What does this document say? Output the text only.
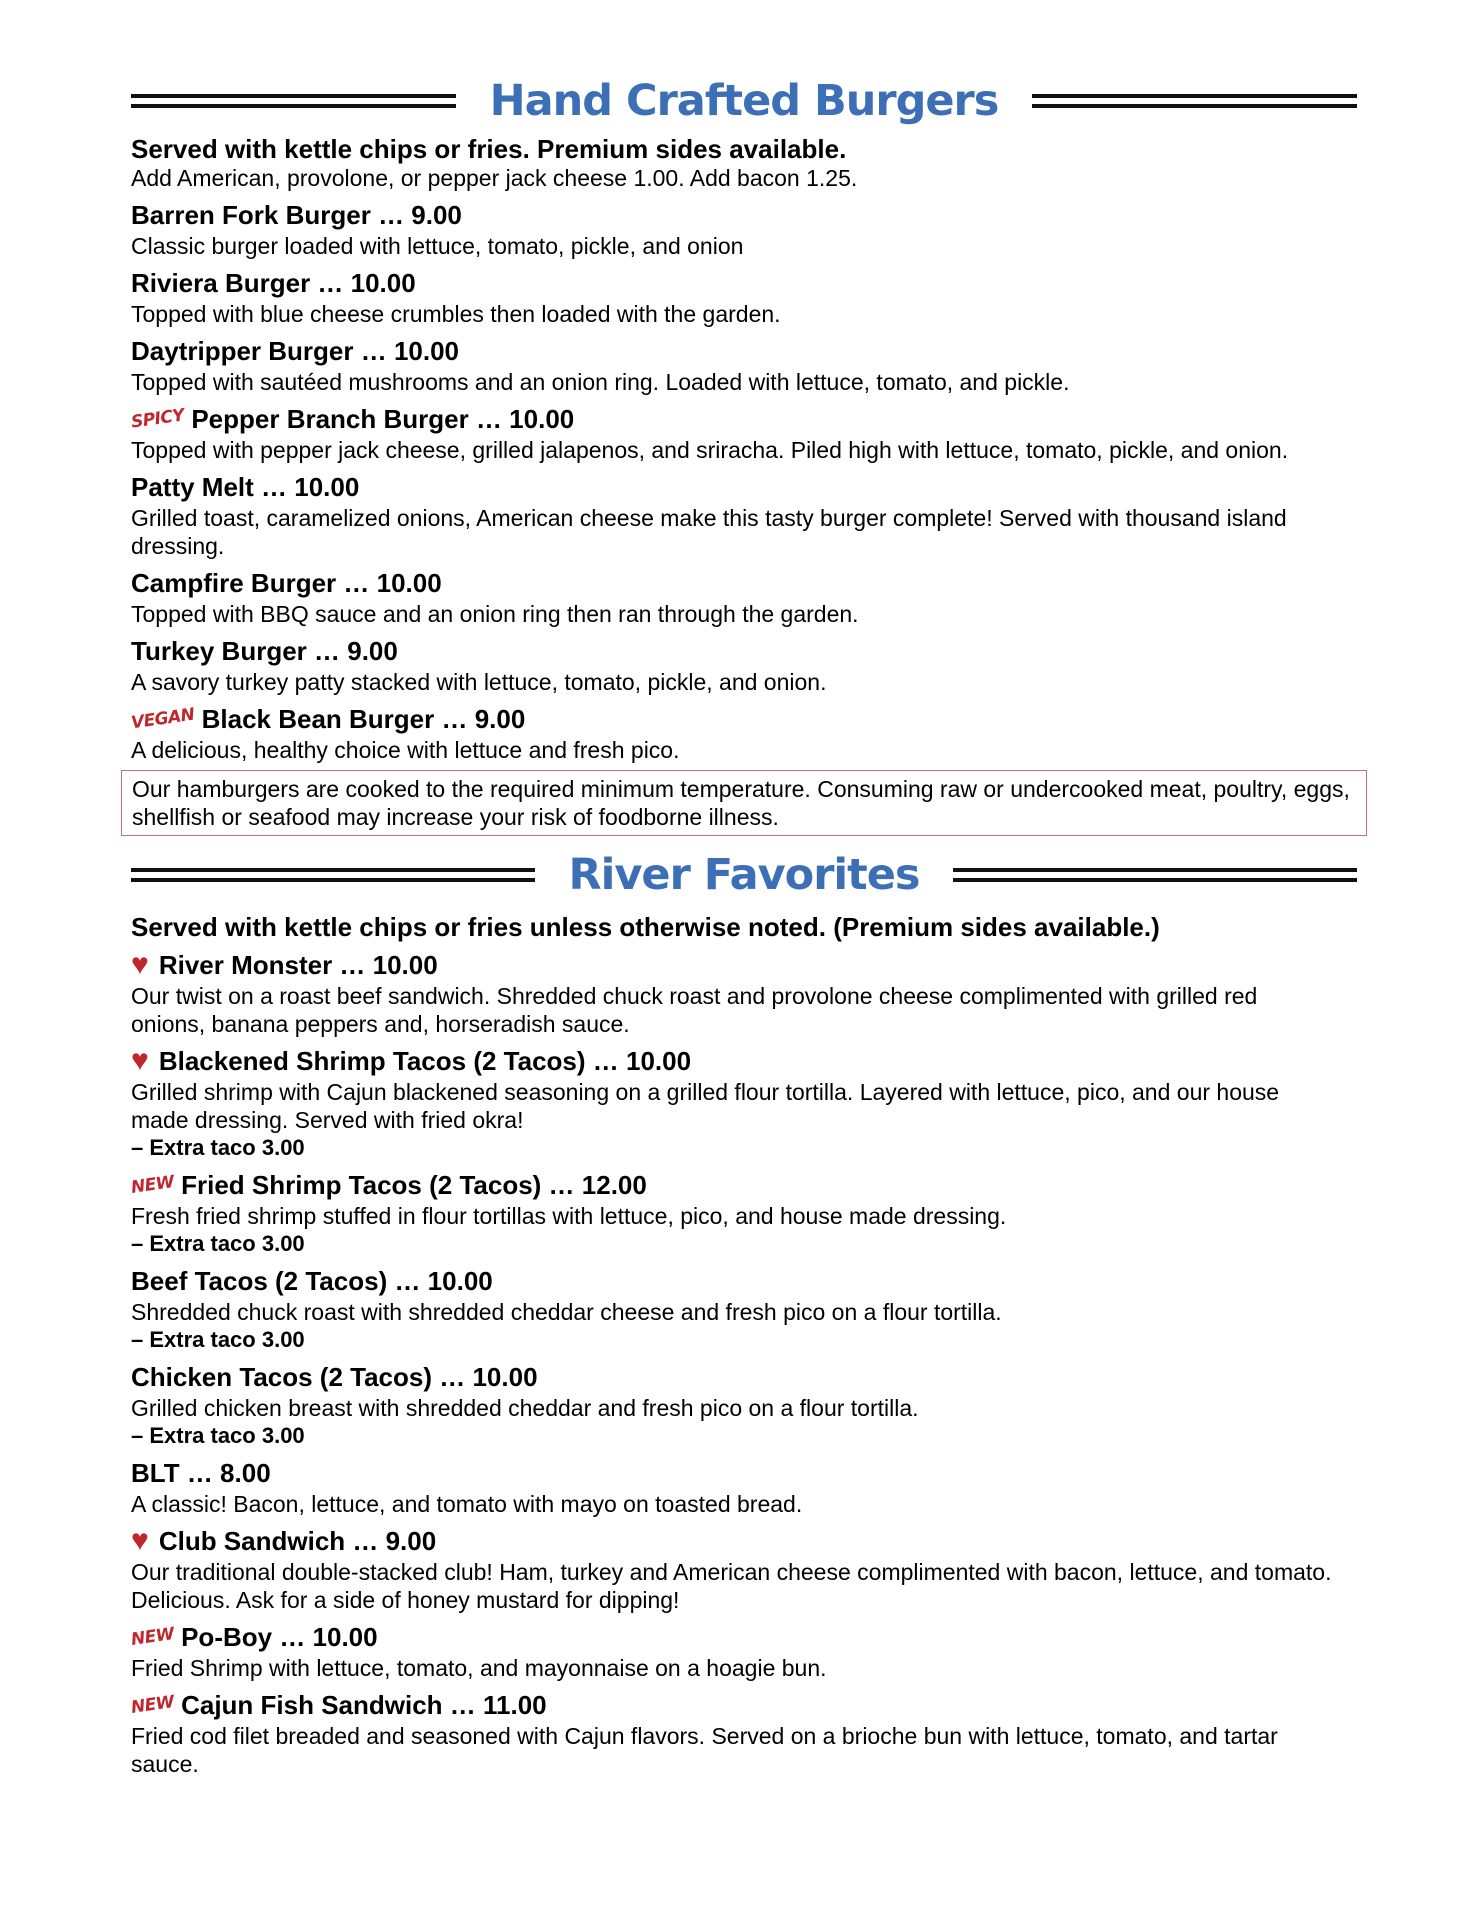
Hand Crafted Burgers
Served with kettle chips or fries. Premium sides available.
Add American, provolone, or pepper jack cheese 1.00. Add bacon 1.25.
Barren Fork Burger … 9.00
Classic burger loaded with lettuce, tomato, pickle, and onion
Riviera Burger … 10.00
Topped with blue cheese crumbles then loaded with the garden.
Daytripper Burger … 10.00
Topped with sautéed mushrooms and an onion ring. Loaded with lettuce, tomato, and pickle.
SPICY Pepper Branch Burger … 10.00
Topped with pepper jack cheese, grilled jalapenos, and sriracha. Piled high with lettuce, tomato, pickle, and onion.
Patty Melt … 10.00
Grilled toast, caramelized onions, American cheese make this tasty burger complete! Served with thousand island dressing.
Campfire Burger … 10.00
Topped with BBQ sauce and an onion ring then ran through the garden.
Turkey Burger … 9.00
A savory turkey patty stacked with lettuce, tomato, pickle, and onion.
VEGAN Black Bean Burger … 9.00
A delicious, healthy choice with lettuce and fresh pico.
Our hamburgers are cooked to the required minimum temperature. Consuming raw or undercooked meat, poultry, eggs, shellfish or seafood may increase your risk of foodborne illness.
River Favorites
Served with kettle chips or fries unless otherwise noted. (Premium sides available.)
♥ River Monster … 10.00
Our twist on a roast beef sandwich. Shredded chuck roast and provolone cheese complimented with grilled red onions, banana peppers and, horseradish sauce.
♥ Blackened Shrimp Tacos (2 Tacos) … 10.00
Grilled shrimp with Cajun blackened seasoning on a grilled flour tortilla. Layered with lettuce, pico, and our house made dressing. Served with fried okra!
– Extra taco 3.00
NEW Fried Shrimp Tacos (2 Tacos) … 12.00
Fresh fried shrimp stuffed in flour tortillas with lettuce, pico, and house made dressing.
– Extra taco 3.00
Beef Tacos (2 Tacos) … 10.00
Shredded chuck roast with shredded cheddar cheese and fresh pico on a flour tortilla.
– Extra taco 3.00
Chicken Tacos (2 Tacos) … 10.00
Grilled chicken breast with shredded cheddar and fresh pico on a flour tortilla.
– Extra taco 3.00
BLT … 8.00
A classic! Bacon, lettuce, and tomato with mayo on toasted bread.
♥ Club Sandwich … 9.00
Our traditional double-stacked club! Ham, turkey and American cheese complimented with bacon, lettuce, and tomato. Delicious. Ask for a side of honey mustard for dipping!
NEW Po-Boy … 10.00
Fried Shrimp with lettuce, tomato, and mayonnaise on a hoagie bun.
NEW Cajun Fish Sandwich … 11.00
Fried cod filet breaded and seasoned with Cajun flavors. Served on a brioche bun with lettuce, tomato, and tartar sauce.
